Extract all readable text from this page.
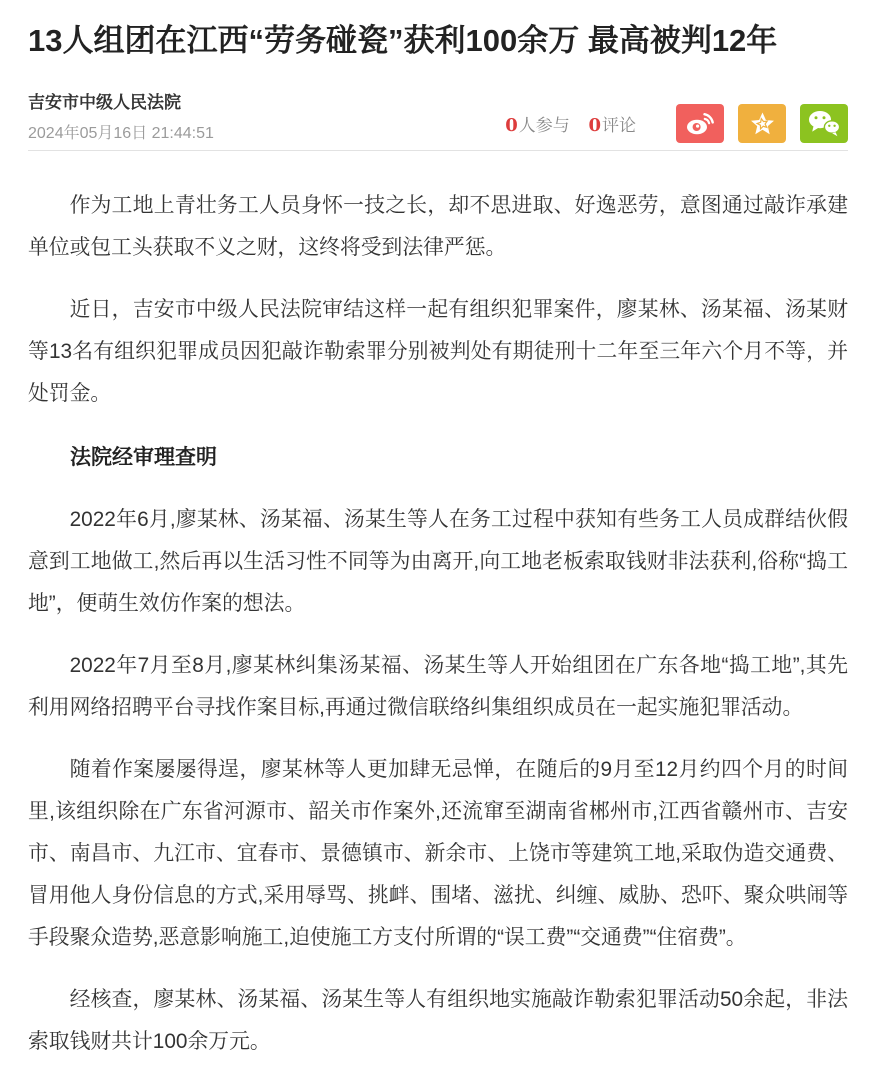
13人组团在江西“劳务碰瓷”获利100余万 最高被判12年
吉安市中级人民法院
2024年05月16日 21:44:51	0人参与 0评论

作为工地上青壮务工人员身怀一技之长，却不思进取、好逸恶劳，意图通过敲诈承建单位或包工头获取不义之财，这终将受到法律严惩。

近日，吉安市中级人民法院审结这样一起有组织犯罪案件，廖某林、汤某福、汤某财等13名有组织犯罪成员因犯敲诈勒索罪分别被判处有期徒刑十二年至三年六个月不等，并处罚金。

法院经审理查明

2022年6月,廖某林、汤某福、汤某生等人在务工过程中获知有些务工人员成群结伙假意到工地做工,然后再以生活习性不同等为由离开,向工地老板索取钱财非法获利,俗称“捣工地”，便萌生效仿作案的想法。

2022年7月至8月,廖某林纠集汤某福、汤某生等人开始组团在广东各地“捣工地”,其先利用网络招聘平台寻找作案目标,再通过微信联络纠集组织成员在一起实施犯罪活动。

随着作案屡屡得逞，廖某林等人更加肆无忌惮，在随后的9月至12月约四个月的时间里,该组织除在广东省河源市、韶关市作案外,还流窜至湖南省郴州市,江西省赣州市、吉安市、南昌市、九江市、宜春市、景德镇市、新余市、上饶市等建筑工地,采取伪造交通费、冒用他人身份信息的方式,采用辱骂、挑衅、围堵、滋扰、纠缠、威胁、恐吓、聚众哄闹等手段聚众造势,恶意影响施工,迫使施工方支付所谓的“误工费”“交通费”“住宿费”。

经核查，廖某林、汤某福、汤某生等人有组织地实施敲诈勒索犯罪活动50余起，非法索取钱财共计100余万元。
